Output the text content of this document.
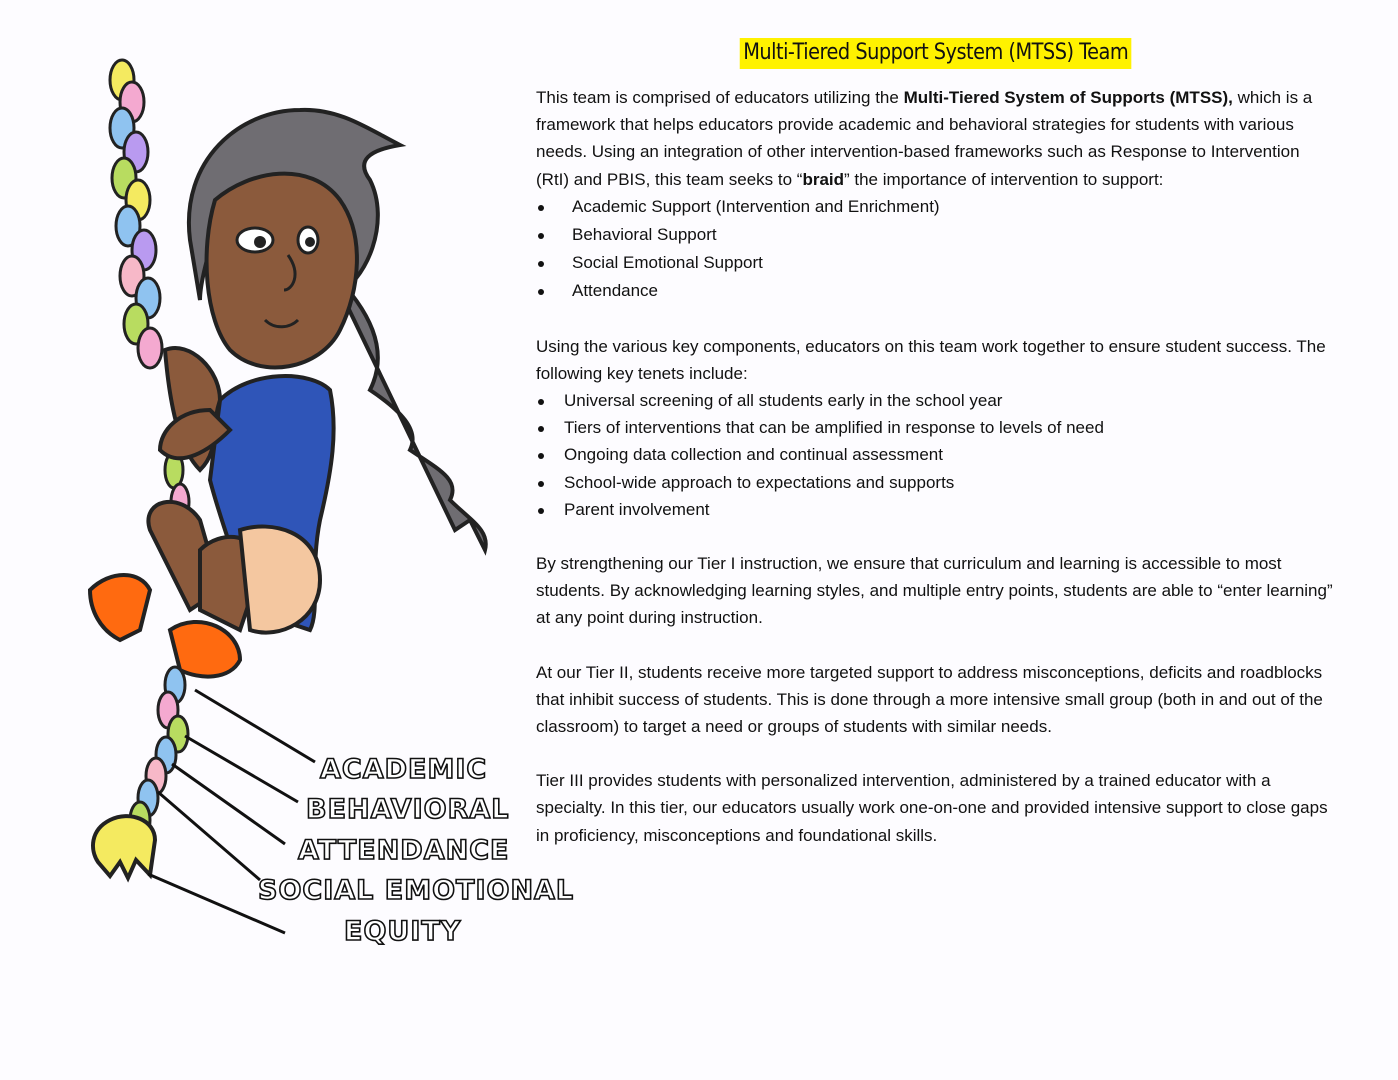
ACADEMIC
BEHAVIORAL
ATTENDANCE
SOCIAL EMOTIONAL
EQUITY
Multi-Tiered Support System (MTSS) Team

This team is comprised of educators utilizing the Multi-Tiered System of Supports (MTSS), which is a framework that helps educators provide academic and behavioral strategies for students with various needs. Using an integration of other intervention-based frameworks such as Response to Intervention (RtI) and PBIS, this team seeks to “braid” the importance of intervention to support:

Academic Support (Intervention and Enrichment)
Behavioral Support
Social Emotional Support
Attendance

Using the various key components, educators on this team work together to ensure student success. The following key tenets include:

Universal screening of all students early in the school year
Tiers of interventions that can be amplified in response to levels of need
Ongoing data collection and continual assessment
School-wide approach to expectations and supports
Parent involvement

By strengthening our Tier I instruction, we ensure that curriculum and learning is accessible to most students. By acknowledging learning styles, and multiple entry points, students are able to “enter learning” at any point during instruction.

At our Tier II, students receive more targeted support to address misconceptions, deficits and roadblocks that inhibit success of students. This is done through a more intensive small group (both in and out of the classroom) to target a need or groups of students with similar needs.

Tier III provides students with personalized intervention, administered by a trained educator with a specialty. In this tier, our educators usually work one-on-one and provided intensive support to close gaps in proficiency, misconceptions and foundational skills.
